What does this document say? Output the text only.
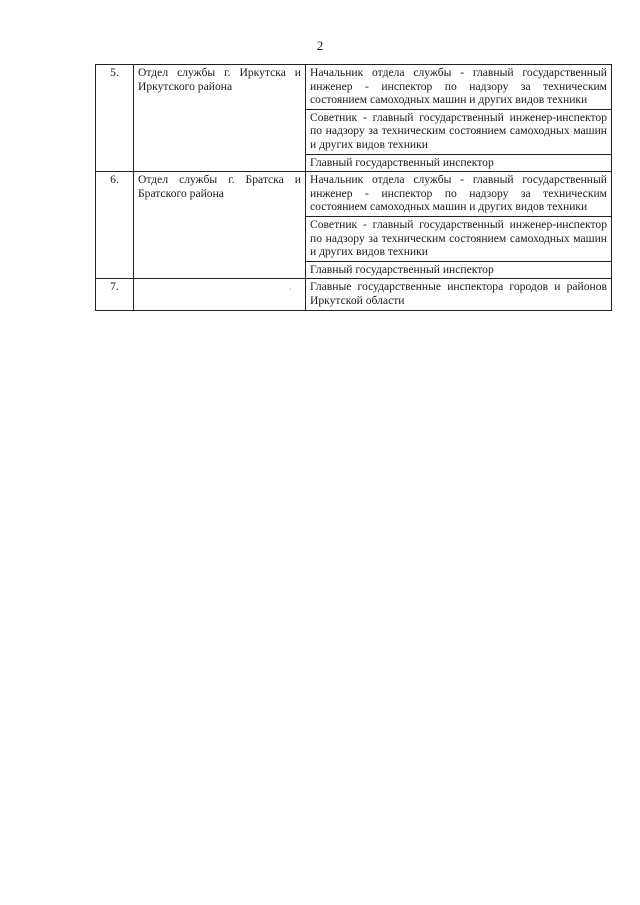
2
5.	Отдел службы г. Иркутска и Иркутского района	Начальник отдела службы - главный государственный инженер - инспектор по надзору за техническим состоянием самоходных машин и других видов техники
		Советник - главный государственный инженер-инспектор по надзору за техническим состоянием самоходных машин и других видов техники
		Главный государственный инспектор
6.	Отдел службы г. Братска и Братского района	Начальник отдела службы - главный государственный инженер - инспектор по надзору за техническим состоянием самоходных машин и других видов техники
		Советник - главный государственный инженер-инспектор по надзору за техническим состоянием самоходных машин и других видов техники
		Главный государственный инспектор
7.		Главные государственные инспектора городов и районов Иркутской области
·
